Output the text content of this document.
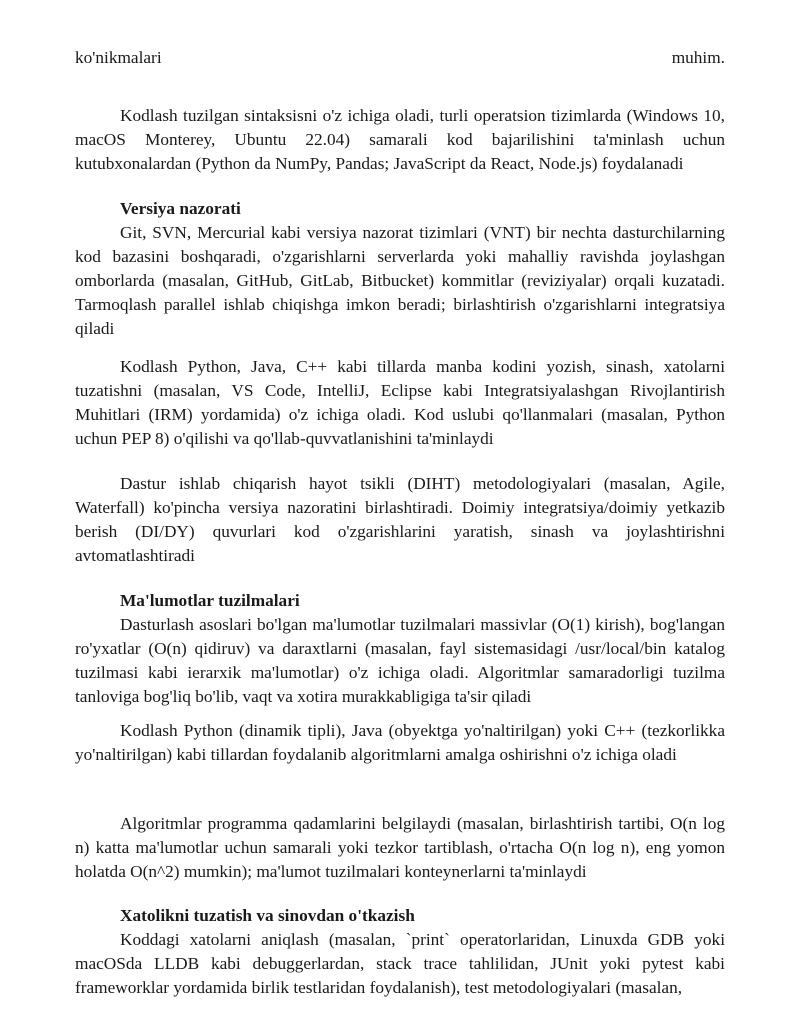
ko'nikmalari	muhim.

Kodlash tuzilgan sintaksisni o'z ichiga oladi, turli operatsion tizimlarda (Windows 10, macOS Monterey, Ubuntu 22.04) samarali kod bajarilishini ta'minlash uchun kutubxonalardan (Python da NumPy, Pandas; JavaScript da React, Node.js) foydalanadi

Versiya nazorati

Git, SVN, Mercurial kabi versiya nazorat tizimlari (VNT) bir nechta dasturchilarning kod bazasini boshqaradi, o'zgarishlarni serverlarda yoki mahalliy ravishda joylashgan omborlarda (masalan, GitHub, GitLab, Bitbucket) kommitlar (reviziyalar) orqali kuzatadi. Tarmoqlash parallel ishlab chiqishga imkon beradi; birlashtirish o'zgarishlarni integratsiya qiladi

Kodlash Python, Java, C++ kabi tillarda manba kodini yozish, sinash, xatolarni tuzatishni (masalan, VS Code, IntelliJ, Eclipse kabi Integratsiyalashgan Rivojlantirish Muhitlari (IRM) yordamida) o'z ichiga oladi. Kod uslubi qo'llanmalari (masalan, Python uchun PEP 8) o'qilishi va qo'llab-quvvatlanishini ta'minlaydi

Dastur ishlab chiqarish hayot tsikli (DIHT) metodologiyalari (masalan, Agile, Waterfall) ko'pincha versiya nazoratini birlashtiradi. Doimiy integratsiya/doimiy yetkazib berish (DI/DY) quvurlari kod o'zgarishlarini yaratish, sinash va joylashtirishni avtomatlashtiradi

Ma'lumotlar tuzilmalari

Dasturlash asoslari bo'lgan ma'lumotlar tuzilmalari massivlar (O(1) kirish), bog'langan ro'yxatlar (O(n) qidiruv) va daraxtlarni (masalan, fayl sistemasidagi /usr/local/bin katalog tuzilmasi kabi ierarxik ma'lumotlar) o'z ichiga oladi. Algoritmlar samaradorligi tuzilma tanloviga bog'liq bo'lib, vaqt va xotira murakkabligiga ta'sir qiladi

Kodlash Python (dinamik tipli), Java (obyektga yo'naltirilgan) yoki C++ (tezkorlikka yo'naltirilgan) kabi tillardan foydalanib algoritmlarni amalga oshirishni o'z ichiga oladi

Algoritmlar programma qadamlarini belgilaydi (masalan, birlashtirish tartibi, O(n log n) katta ma'lumotlar uchun samarali yoki tezkor tartiblash, o'rtacha O(n log n), eng yomon holatda O(n^2) mumkin); ma'lumot tuzilmalari konteynerlarni ta'minlaydi

Xatolikni tuzatish va sinovdan o'tkazish

Koddagi xatolarni aniqlash (masalan, `print` operatorlaridan, Linuxda GDB yoki macOSda LLDB kabi debuggerlardan, stack trace tahlilidan, JUnit yoki pytest kabi frameworklar yordamida birlik testlaridan foydalanish), test metodologiyalari (masalan,
